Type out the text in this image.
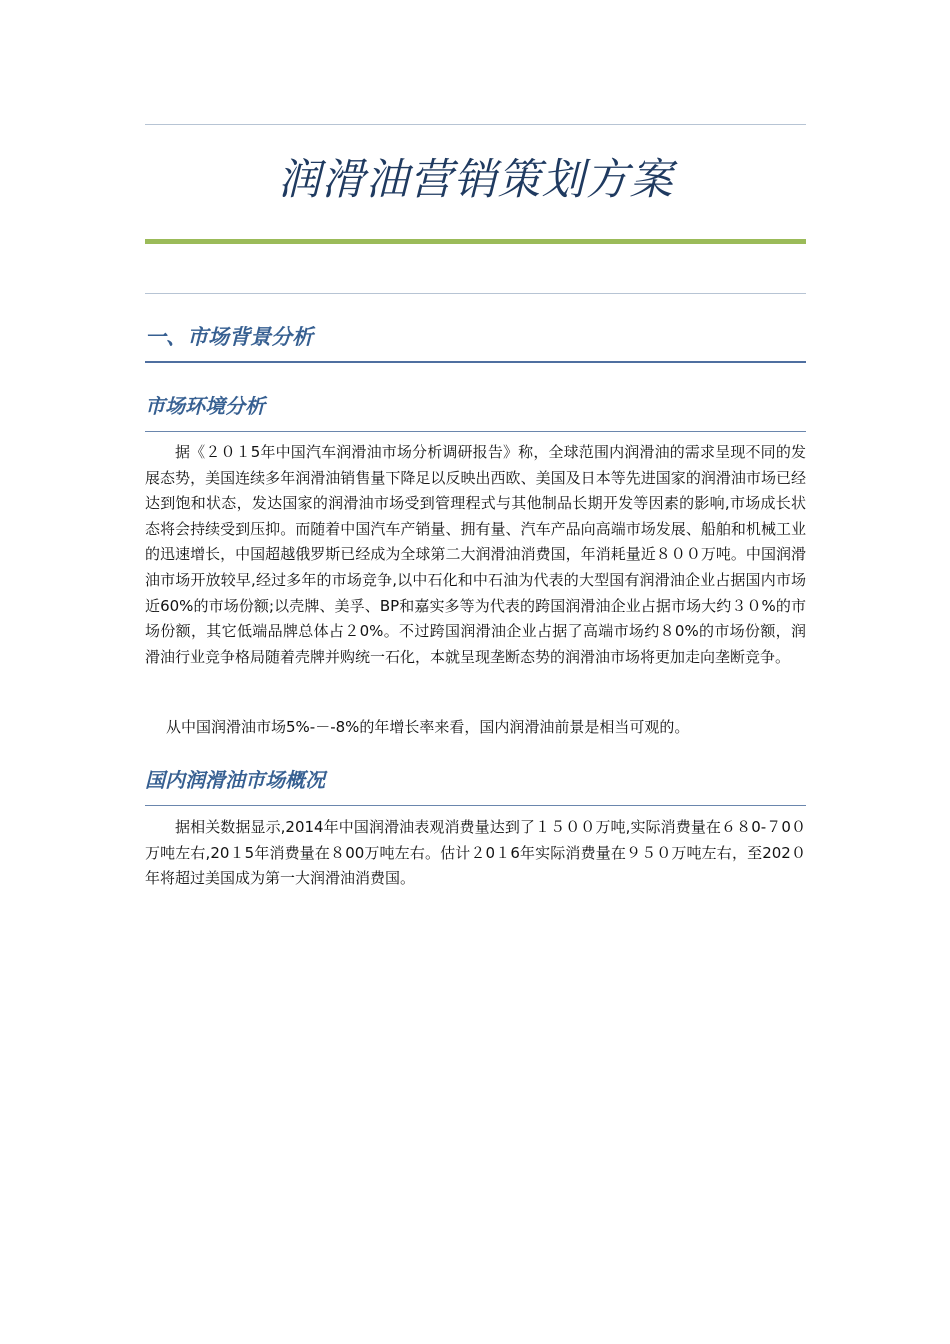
润滑油营销策划方案
一、市场背景分析
市场环境分析
据《２０１5年中国汽车润滑油市场分析调研报告》称，全球范围内润滑油的需求呈现不同的发展态势，美国连续多年润滑油销售量下降足以反映出西欧、美国及日本等先进国家的润滑油市场已经达到饱和状态，发达国家的润滑油市场受到管理程式与其他制品长期开发等因素的影响,市场成长状态将会持续受到压抑。而随着中国汽车产销量、拥有量、汽车产品向高端市场发展、船舶和机械工业的迅速增长，中国超越俄罗斯已经成为全球第二大润滑油消费国，年消耗量近８００万吨。中国润滑油市场开放较早,经过多年的市场竞争,以中石化和中石油为代表的大型国有润滑油企业占据国内市场近60%的市场份额;以壳牌、美孚、BP和嘉实多等为代表的跨国润滑油企业占据市场大约３０%的市场份额，其它低端品牌总体占２0%。不过跨国润滑油企业占据了高端市场约８0%的市场份额，润滑油行业竞争格局随着壳牌并购统一石化，本就呈现垄断态势的润滑油市场将更加走向垄断竞争。
从中国润滑油市场5%-－-8%的年增长率来看，国内润滑油前景是相当可观的。
国内润滑油市场概况
据相关数据显示,2014年中国润滑油表观消费量达到了１５００万吨,实际消费量在６８0-７0０万吨左右,20１5年消费量在８00万吨左右。估计２0１6年实际消费量在９５０万吨左右，至202０年将超过美国成为第一大润滑油消费国。
